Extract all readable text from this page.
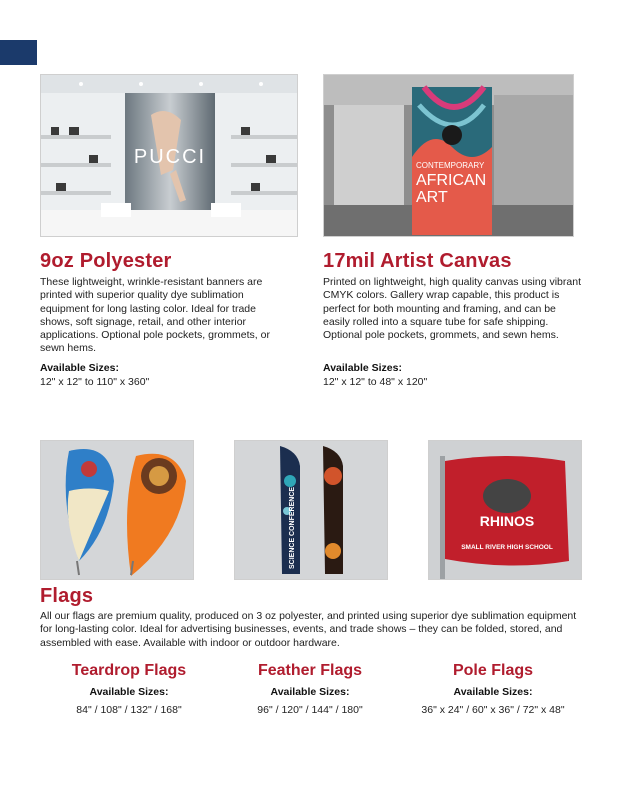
PUCCI	CONTEMPORARY
AFRICAN
ART
9oz Polyester

These lightweight, wrinkle-resistant banners are printed with superior quality dye sublimation equipment for long lasting color. Ideal for trade shows, soft signage, retail, and other interior applications. Optional pole pockets, grommets, or sewn hems.

Available Sizes:

12" x 12" to 110" x 360"

17mil Artist Canvas

Printed on lightweight, high quality canvas using vibrant CMYK colors. Gallery wrap capable, this product is perfect for both mounting and framing, and can be easily rolled into a square tube for safe shipping. Optional pole pockets, grommets, and sewn hems.

Available Sizes:

12" x 12" to 48" x 120"

SCIENCE CONFERENCE	RHINOS
SMALL RIVER HIGH SCHOOL
Flags

All our flags are premium quality, produced on 3 oz polyester, and printed using superior dye sublimation equipment for long-lasting color. Ideal for advertising businesses, events, and trade shows – they can be folded, stored, and assembled with ease. Available with indoor or outdoor hardware.

Teardrop Flags

Available Sizes:

84" / 108" / 132" / 168"

Feather Flags

Available Sizes:

96" / 120" / 144" / 180"

Pole Flags

Available Sizes:

36" x 24" / 60" x 36" / 72" x 48"
